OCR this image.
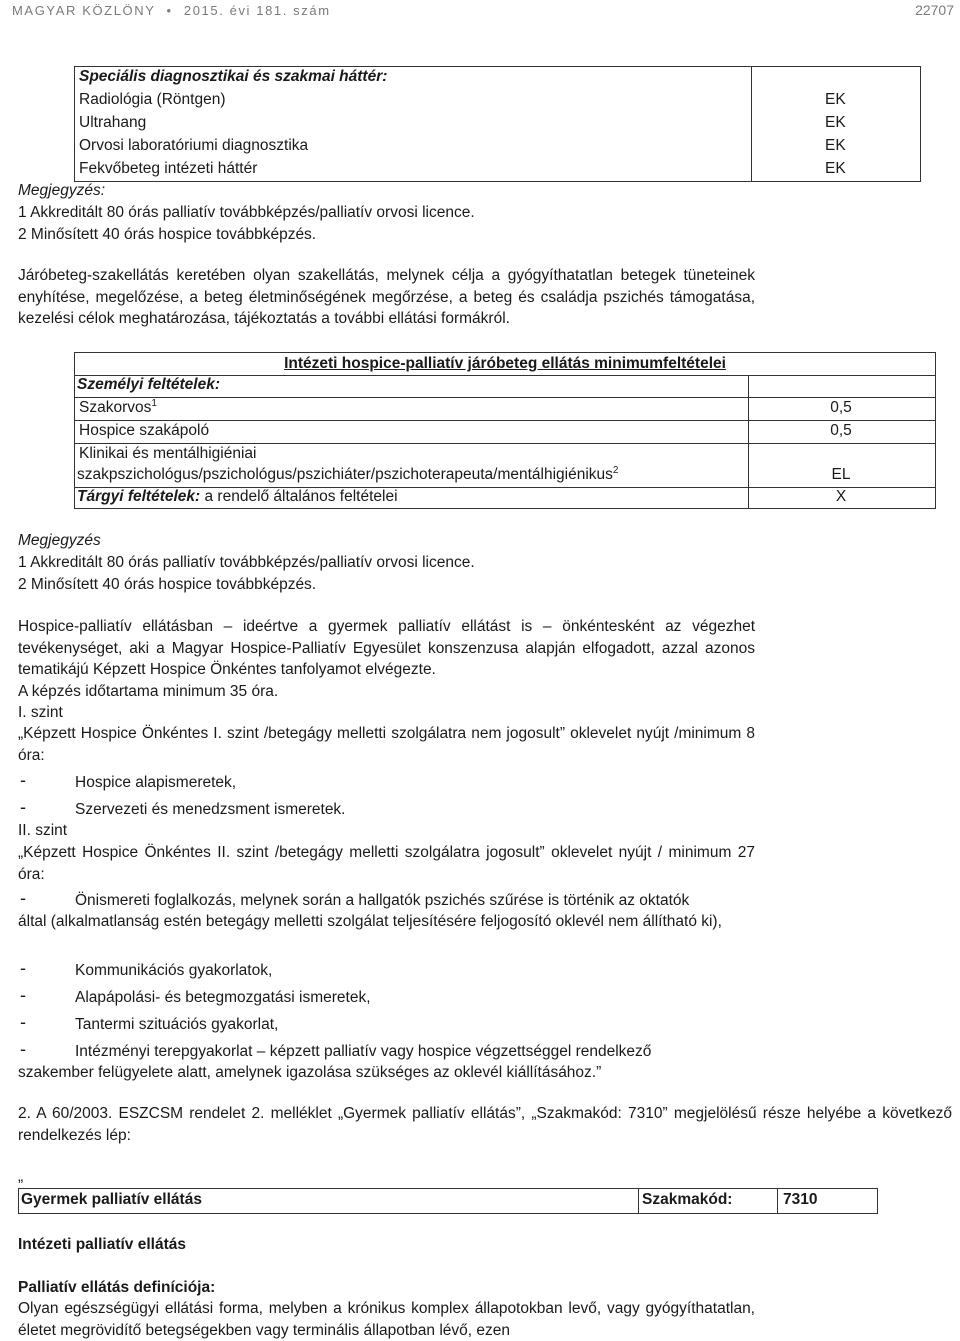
MAGYAR KÖZLÖNY • 2015. évi 181. szám	22707
Speciális diagnosztikai és szakmai háttér:
Radiológia (Röntgen)	EK
Ultrahang	EK
Orvosi laboratóriumi diagnosztika	EK
Fekvőbeteg intézeti háttér	EK
Megjegyzés:
1 Akkreditált 80 órás palliatív továbbképzés/palliatív orvosi licence.
2 Minősített 40 órás hospice továbbképzés.
Járóbeteg-szakellátás keretében olyan szakellátás, melynek célja a gyógyíthatatlan betegek tüneteinek enyhítése, megelőzése, a beteg életminőségének megőrzése, a beteg és családja pszichés támogatása, kezelési célok meghatározása, tájékoztatás a további ellátási formákról.
Intézeti hospice-palliatív járóbeteg ellátás minimumfeltételei
Személyi feltételek:
Szakorvos$^1$	0,5
Hospice szakápoló	0,5
Klinikai és mentálhigiéniai
szakpszichológus/pszichológus/pszichiáter/pszichoterapeuta/mentálhigiénikus$^2$	EL
Tárgyi feltételek: a rendelő általános feltételei	X
Megjegyzés
1 Akkreditált 80 órás palliatív továbbképzés/palliatív orvosi licence.
2 Minősített 40 órás hospice továbbképzés.
Hospice-palliatív ellátásban – ideértve a gyermek palliatív ellátást is – önkéntesként az végezhet tevékenységet, aki a Magyar Hospice-Palliatív Egyesület konszenzusa alapján elfogadott, azzal azonos tematikájú Képzett Hospice Önkéntes tanfolyamot elvégezte.
A képzés időtartama minimum 35 óra.
I. szint
„Képzett Hospice Önkéntes I. szint /betegágy melletti szolgálatra nem jogosult” oklevelet nyújt /minimum 8 óra:
-	Hospice alapismeretek,
-	Szervezeti és menedzsment ismeretek.
II. szint
„Képzett Hospice Önkéntes II. szint /betegágy melletti szolgálatra jogosult” oklevelet nyújt / minimum 27 óra:
-	Önismereti foglalkozás, melynek során a hallgatók pszichés szűrése is történik az oktatók
által (alkalmatlanság estén betegágy melletti szolgálat teljesítésére feljogosító oklevél nem állítható ki),
-	Kommunikációs gyakorlatok,
-	Alapápolási- és betegmozgatási ismeretek,
-	Tantermi szituációs gyakorlat,
-	Intézményi terepgyakorlat – képzett palliatív vagy hospice végzettséggel rendelkező
szakember felügyelete alatt, amelynek igazolása szükséges az oklevél kiállításához.”
2. A 60/2003. ESZCSM rendelet 2. melléklet „Gyermek palliatív ellátás”, „Szakmakód: 7310” megjelölésű része helyébe a következő rendelkezés lép:
„
Gyermek palliatív ellátás	Szakmakód:	7310
Intézeti palliatív ellátás
Palliatív ellátás definíciója:
Olyan egészségügyi ellátási forma, melyben a krónikus komplex állapotokban levő, vagy gyógyíthatatlan, életet megrövidítő betegségekben vagy terminális állapotban lévő, ezen
